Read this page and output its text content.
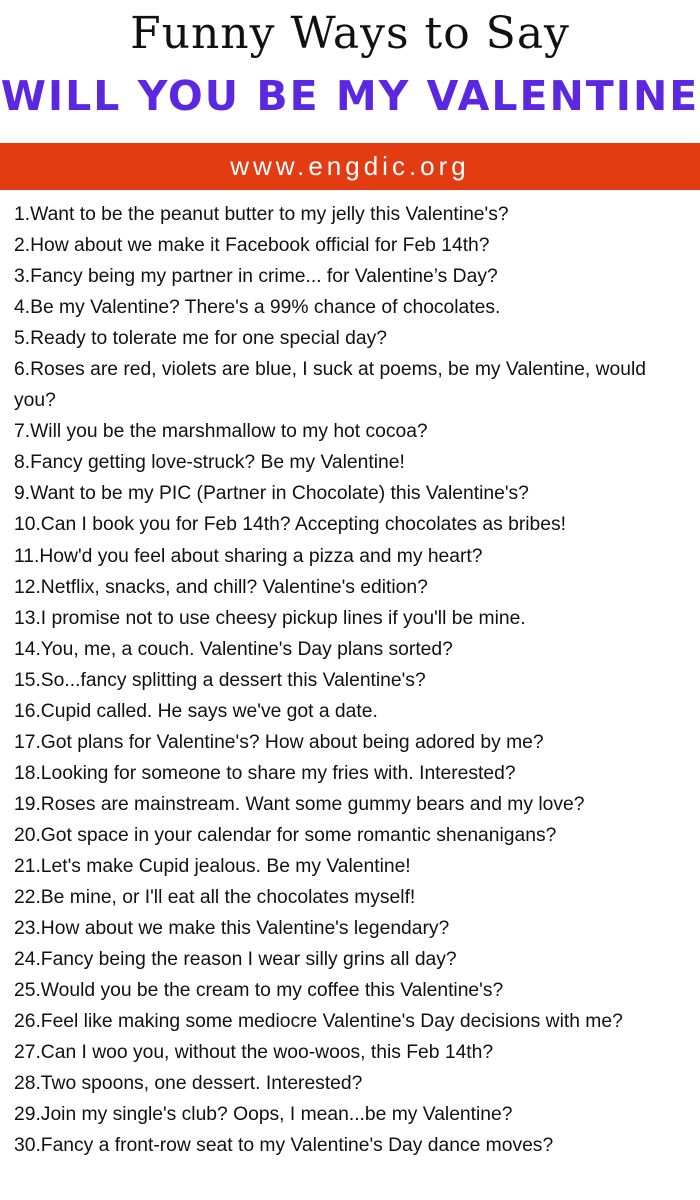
Funny Ways to Say
WILL YOU BE MY VALENTINE
www.engdic.org
1.Want to be the peanut butter to my jelly this Valentine's?
2.How about we make it Facebook official for Feb 14th?
3.Fancy being my partner in crime... for Valentine’s Day?
4.Be my Valentine? There's a 99% chance of chocolates.
5.Ready to tolerate me for one special day?
6.Roses are red, violets are blue, I suck at poems, be my Valentine, would you?
7.Will you be the marshmallow to my hot cocoa?
8.Fancy getting love-struck? Be my Valentine!
9.Want to be my PIC (Partner in Chocolate) this Valentine's?
10.Can I book you for Feb 14th? Accepting chocolates as bribes!
11.How'd you feel about sharing a pizza and my heart?
12.Netflix, snacks, and chill? Valentine's edition?
13.I promise not to use cheesy pickup lines if you'll be mine.
14.You, me, a couch. Valentine's Day plans sorted?
15.So...fancy splitting a dessert this Valentine's?
16.Cupid called. He says we've got a date.
17.Got plans for Valentine's? How about being adored by me?
18.Looking for someone to share my fries with. Interested?
19.Roses are mainstream. Want some gummy bears and my love?
20.Got space in your calendar for some romantic shenanigans?
21.Let's make Cupid jealous. Be my Valentine!
22.Be mine, or I'll eat all the chocolates myself!
23.How about we make this Valentine's legendary?
24.Fancy being the reason I wear silly grins all day?
25.Would you be the cream to my coffee this Valentine's?
26.Feel like making some mediocre Valentine's Day decisions with me?
27.Can I woo you, without the woo-woos, this Feb 14th?
28.Two spoons, one dessert. Interested?
29.Join my single's club? Oops, I mean...be my Valentine?
30.Fancy a front-row seat to my Valentine's Day dance moves?
